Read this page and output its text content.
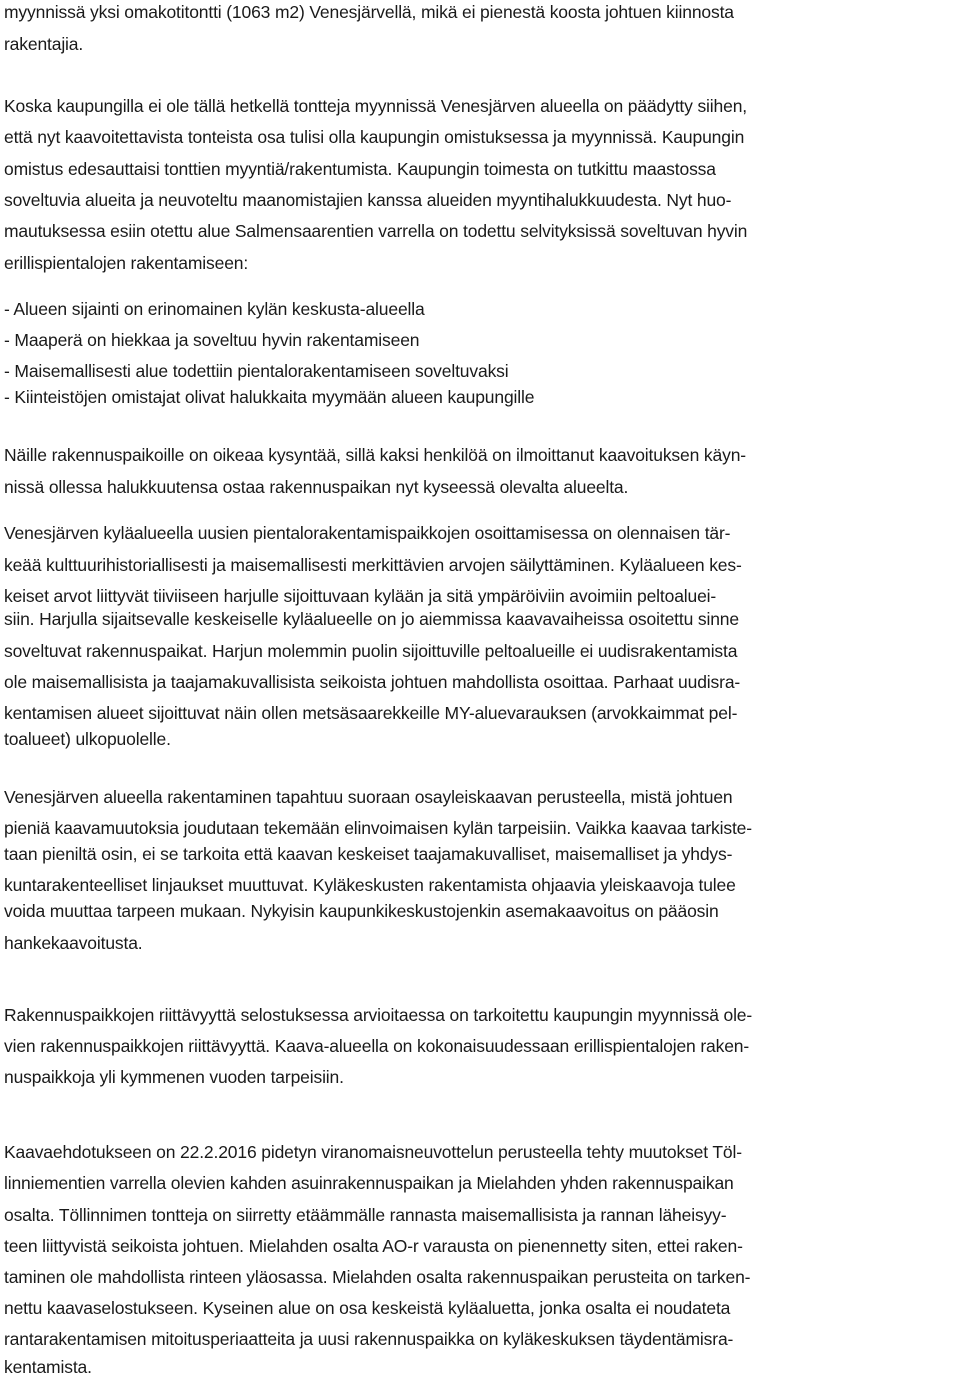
myynnissä yksi omakotitontti (1063 m2) Venesjärvellä, mikä ei pienestä koosta johtuen kiinnosta
rakentajia.
Koska kaupungilla ei ole tällä hetkellä tontteja myynnissä Venesjärven alueella on päädytty siihen,
että nyt kaavoitettavista tonteista osa tulisi olla kaupungin omistuksessa ja myynnissä. Kaupungin
omistus edesauttaisi tonttien myyntiä/rakentumista. Kaupungin toimesta on tutkittu maastossa
soveltuvia alueita ja neuvoteltu maanomistajien kanssa alueiden myyntihalukkuudesta. Nyt huo-
mautuksessa esiin otettu alue Salmensaarentien varrella on todettu selvityksissä soveltuvan hyvin
erillispientalojen rakentamiseen:
- Alueen sijainti on erinomainen kylän keskusta-alueella
- Maaperä on hiekkaa ja soveltuu hyvin rakentamiseen
- Maisemallisesti alue todettiin pientalorakentamiseen soveltuvaksi
- Kiinteistöjen omistajat olivat halukkaita myymään alueen kaupungille
Näille rakennuspaikoille on oikeaa kysyntää, sillä kaksi henkilöä on ilmoittanut kaavoituksen käyn-
nissä ollessa halukkuutensa ostaa rakennuspaikan nyt kyseessä olevalta alueelta.
Venesjärven kyläalueella uusien pientalorakentamispaikkojen osoittamisessa on olennaisen tär-
keää kulttuurihistoriallisesti ja maisemallisesti merkittävien arvojen säilyttäminen. Kyläalueen kes-
keiset arvot liittyvät tiiviiseen harjulle sijoittuvaan kylään ja sitä ympäröiviin avoimiin peltoaluei-
siin. Harjulla sijaitsevalle keskeiselle kyläalueelle on jo aiemmissa kaavavaiheissa osoitettu sinne
soveltuvat rakennuspaikat. Harjun molemmin puolin sijoittuville peltoalueille ei uudisrakentamista
ole maisemallisista ja taajamakuvallisista seikoista johtuen mahdollista osoittaa. Parhaat uudisra-
kentamisen alueet sijoittuvat näin ollen metsäsaarekkeille MY-aluevarauksen (arvokkaimmat pel-
toalueet) ulkopuolelle.
Venesjärven alueella rakentaminen tapahtuu suoraan osayleiskaavan perusteella, mistä johtuen
pieniä kaavamuutoksia joudutaan tekemään elinvoimaisen kylän tarpeisiin. Vaikka kaavaa tarkiste-
taan pieniltä osin, ei se tarkoita että kaavan keskeiset taajamakuvalliset, maisemalliset ja yhdys-
kuntarakenteelliset linjaukset muuttuvat. Kyläkeskusten rakentamista ohjaavia yleiskaavoja tulee
voida muuttaa tarpeen mukaan. Nykyisin kaupunkikeskustojenkin asemakaavoitus on pääosin
hankekaavoitusta.
Rakennuspaikkojen riittävyyttä selostuksessa arvioitaessa on tarkoitettu kaupungin myynnissä ole-
vien rakennuspaikkojen riittävyyttä. Kaava-alueella on kokonaisuudessaan erillispientalojen raken-
nuspaikkoja yli kymmenen vuoden tarpeisiin.
Kaavaehdotukseen on 22.2.2016 pidetyn viranomaisneuvottelun perusteella tehty muutokset Töl-
linniementien varrella olevien kahden asuinrakennuspaikan ja Mielahden yhden rakennuspaikan
osalta. Töllinnimen tontteja on siirretty etäämmälle rannasta maisemallisista ja rannan läheisyy-
teen liittyvistä seikoista johtuen. Mielahden osalta AO-r varausta on pienennetty siten, ettei raken-
taminen ole mahdollista rinteen yläosassa. Mielahden osalta rakennuspaikan perusteita on tarken-
nettu kaavaselostukseen. Kyseinen alue on osa keskeistä kyläaluetta, jonka osalta ei noudateta
rantarakentamisen mitoitusperiaatteita ja uusi rakennuspaikka on kyläkeskuksen täydentämisra-
kentamista.
